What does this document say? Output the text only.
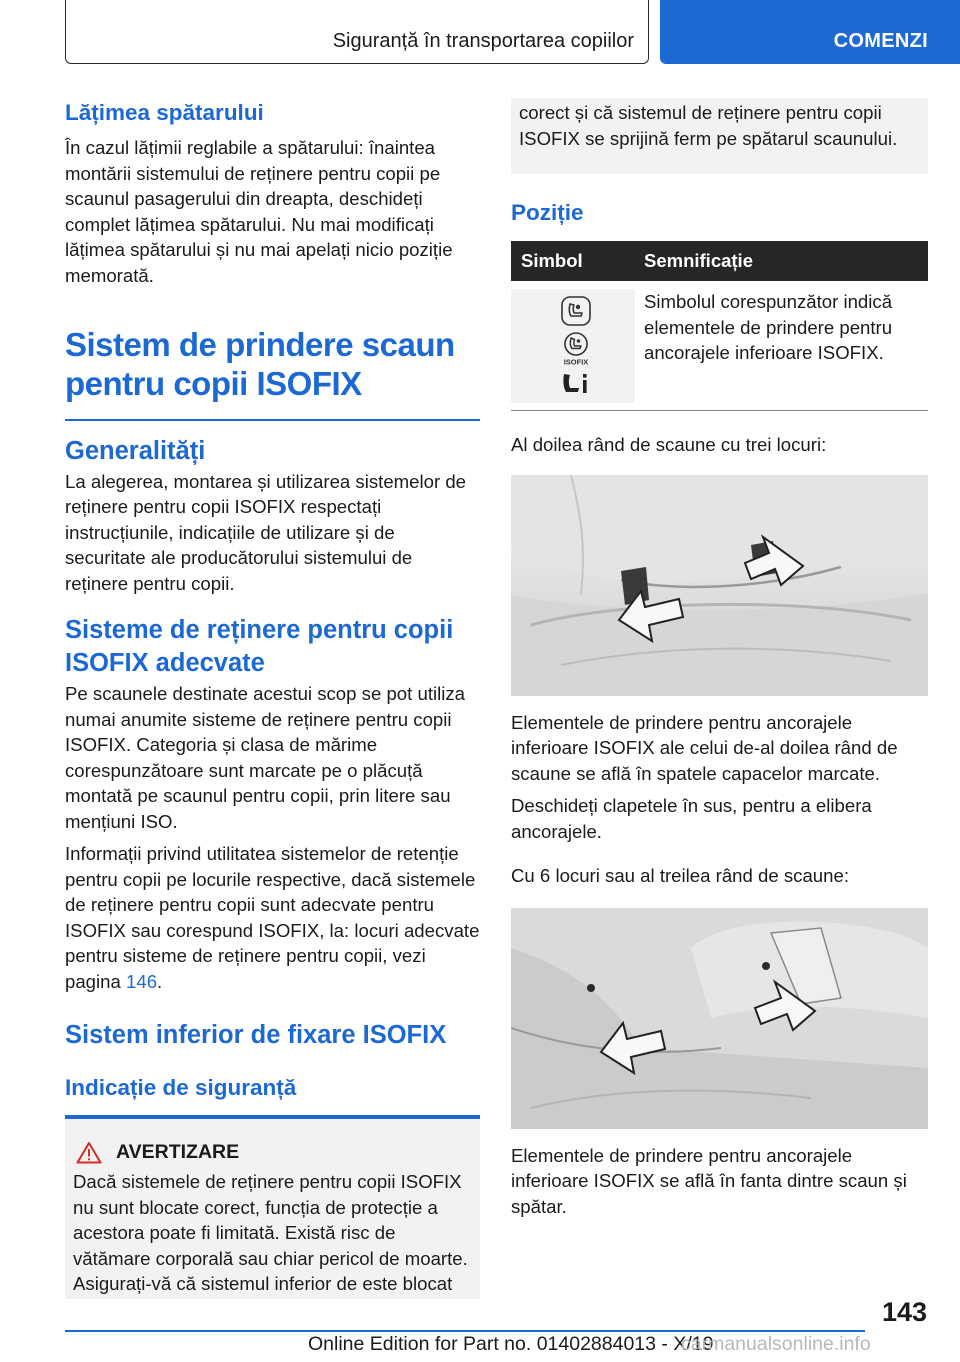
Siguranță în transportarea copiilor	COMENZI
Lățimea spătarului
În cazul lățimii reglabile a spătarului: înaintea montării sistemului de reținere pentru copii pe scaunul pasagerului din dreapta, deschideți complet lățimea spătarului. Nu mai modificați lățimea spătarului și nu mai apelați nicio poziție memorată.
Sistem de prindere scaun pentru copii ISOFIX
Generalități
La alegerea, montarea și utilizarea sistemelor de reținere pentru copii ISOFIX respectați instrucțiunile, indicațiile de utilizare și de securitate ale producătorului sistemului de reținere pentru copii.
Sisteme de reținere pentru copii ISOFIX adecvate
Pe scaunele destinate acestui scop se pot utiliza numai anumite sisteme de reținere pentru copii ISOFIX. Categoria și clasa de mărime corespunzătoare sunt marcate pe o plăcuță montată pe scaunul pentru copii, prin litere sau mențiuni ISO.
Informații privind utilitatea sistemelor de retenție pentru copii pe locurile respective, dacă sistemele de reținere pentru copii sunt adecvate pentru ISOFIX sau corespund ISOFIX, la: locuri adecvate pentru sisteme de reținere pentru copii, vezi pagina 146.
Sistem inferior de fixare ISOFIX
Indicație de siguranță
AVERTIZARE
Dacă sistemele de reținere pentru copii ISOFIX nu sunt blocate corect, funcția de protecție a acestora poate fi limitată. Există risc de vătămare corporală sau chiar pericol de moarte. Asigurați-vă că sistemul inferior de este blocat
corect și că sistemul de reținere pentru copii ISOFIX se sprijină ferm pe spătarul scaunului.
Poziție
Simbol	Semnificație
ISOFIX
Simbolul corespunzător indică elementele de prindere pentru ancorajele inferioare ISOFIX.
Al doilea rând de scaune cu trei locuri:
Elementele de prindere pentru ancorajele inferioare ISOFIX ale celui de-al doilea rând de scaune se află în spatele capacelor marcate.
Deschideți clapetele în sus, pentru a elibera ancorajele.
Cu 6 locuri sau al treilea rând de scaune:
Elementele de prindere pentru ancorajele inferioare ISOFIX se află în fanta dintre scaun și spătar.
143
Online Edition for Part no. 01402884013 - X/19
carmanualsonline.info
